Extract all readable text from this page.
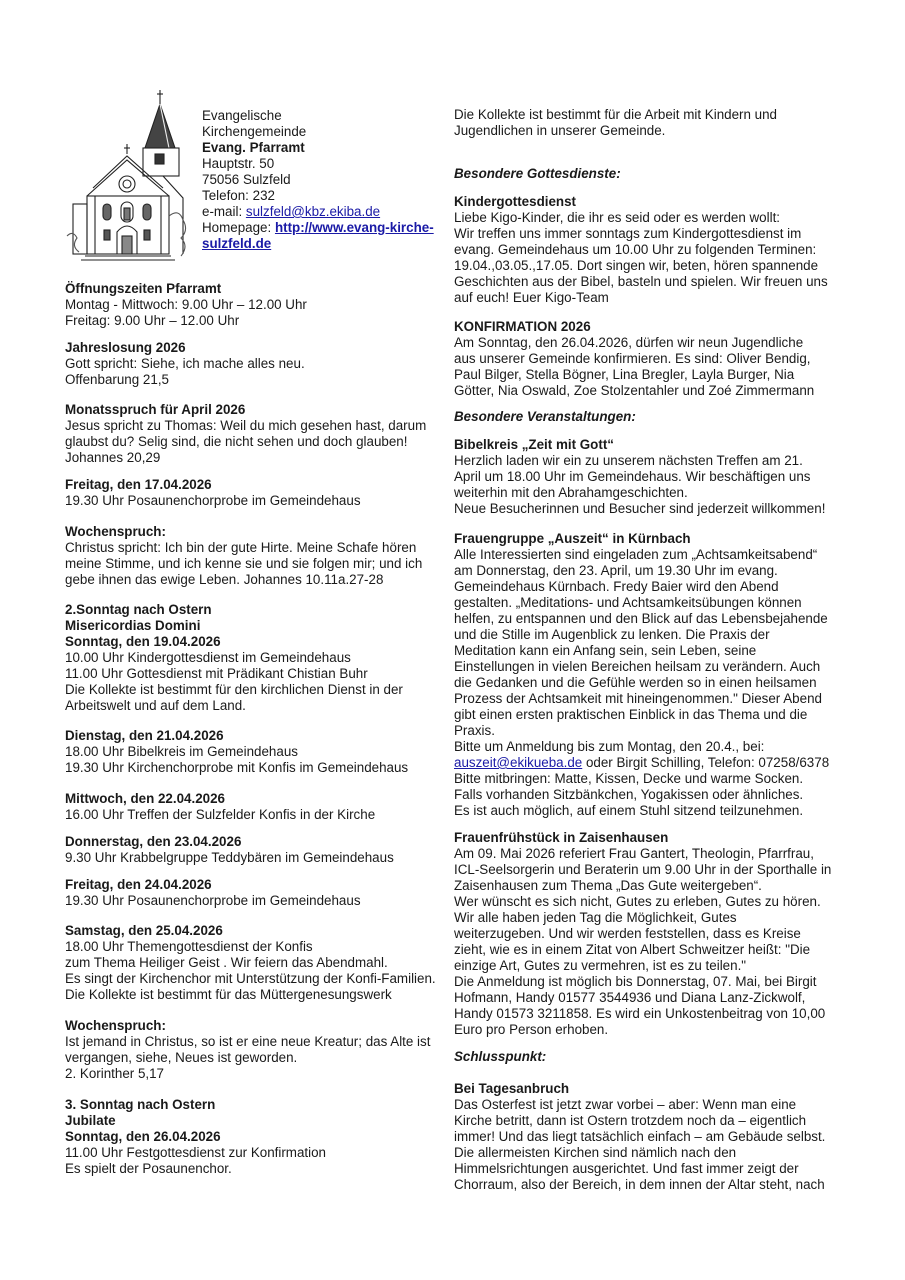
Evangelische

Kirchengemeinde

Evang. Pfarramt

Hauptstr. 50

75056 Sulzfeld

Telefon: 232

e-mail: sulzfeld@kbz.ekiba.de

Homepage: http://www.evang-kirche-

sulzfeld.de

Öffnungszeiten Pfarramt

Montag - Mittwoch: 9.00 Uhr – 12.00 Uhr

Freitag: 9.00 Uhr – 12.00 Uhr

Jahreslosung 2026

Gott spricht: Siehe, ich mache alles neu.

Offenbarung 21,5

Monatsspruch für April 2026

Jesus spricht zu Thomas: Weil du mich gesehen hast, darum

glaubst du? Selig sind, die nicht sehen und doch glauben!

Johannes 20,29

Freitag, den 17.04.2026

19.30 Uhr Posaunenchorprobe im Gemeindehaus

Wochenspruch:

Christus spricht: Ich bin der gute Hirte. Meine Schafe hören

meine Stimme, und ich kenne sie und sie folgen mir; und ich

gebe ihnen das ewige Leben. Johannes 10.11a.27-28

2.Sonntag nach Ostern

Misericordias Domini

Sonntag, den 19.04.2026

10.00 Uhr Kindergottesdienst im Gemeindehaus

11.00 Uhr Gottesdienst mit Prädikant Chistian Buhr

Die Kollekte ist bestimmt für den kirchlichen Dienst in der

Arbeitswelt und auf dem Land.

Dienstag, den 21.04.2026

18.00 Uhr Bibelkreis im Gemeindehaus

19.30 Uhr Kirchenchorprobe mit Konfis im Gemeindehaus

Mittwoch, den 22.04.2026

16.00 Uhr Treffen der Sulzfelder Konfis in der Kirche

Donnerstag, den 23.04.2026

9.30 Uhr Krabbelgruppe Teddybären im Gemeindehaus

Freitag, den 24.04.2026

19.30 Uhr Posaunenchorprobe im Gemeindehaus

Samstag, den 25.04.2026

18.00 Uhr Themengottesdienst der Konfis

zum Thema Heiliger Geist . Wir feiern das Abendmahl.

Es singt der Kirchenchor mit Unterstützung der Konfi-Familien.

Die Kollekte ist bestimmt für das Müttergenesungswerk

Wochenspruch:

Ist jemand in Christus, so ist er eine neue Kreatur; das Alte ist

vergangen, siehe, Neues ist geworden.

2. Korinther 5,17

3. Sonntag nach Ostern

Jubilate

Sonntag, den 26.04.2026

11.00 Uhr Festgottesdienst zur Konfirmation

Es spielt der Posaunenchor.

Die Kollekte ist bestimmt für die Arbeit mit Kindern und

Jugendlichen in unserer Gemeinde.

Besondere Gottesdienste:

Kindergottesdienst

Liebe Kigo-Kinder, die ihr es seid oder es werden wollt:

Wir treffen uns immer sonntags zum Kindergottesdienst im

evang. Gemeindehaus um 10.00 Uhr zu folgenden Terminen:

19.04.,03.05.,17.05. Dort singen wir, beten, hören spannende

Geschichten aus der Bibel, basteln und spielen. Wir freuen uns

auf euch! Euer Kigo-Team

KONFIRMATION 2026

Am Sonntag, den 26.04.2026, dürfen wir neun Jugendliche

aus unserer Gemeinde konfirmieren. Es sind: Oliver Bendig,

Paul Bilger, Stella Bögner, Lina Bregler, Layla Burger, Nia

Götter, Nia Oswald, Zoe Stolzentahler und Zoé Zimmermann

Besondere Veranstaltungen:

Bibelkreis „Zeit mit Gott“

Herzlich laden wir ein zu unserem nächsten Treffen am 21.

April um 18.00 Uhr im Gemeindehaus. Wir beschäftigen uns

weiterhin mit den Abrahamgeschichten.

Neue Besucherinnen und Besucher sind jederzeit willkommen!

Frauengruppe „Auszeit“ in Kürnbach

Alle Interessierten sind eingeladen zum „Achtsamkeitsabend“

am Donnerstag, den 23. April, um 19.30 Uhr im evang.

Gemeindehaus Kürnbach. Fredy Baier wird den Abend

gestalten. „Meditations- und Achtsamkeitsübungen können

helfen, zu entspannen und den Blick auf das Lebensbejahende

und die Stille im Augenblick zu lenken. Die Praxis der

Meditation kann ein Anfang sein, sein Leben, seine

Einstellungen in vielen Bereichen heilsam zu verändern. Auch

die Gedanken und die Gefühle werden so in einen heilsamen

Prozess der Achtsamkeit mit hineingenommen." Dieser Abend

gibt einen ersten praktischen Einblick in das Thema und die

Praxis.

Bitte um Anmeldung bis zum Montag, den 20.4., bei:

auszeit@ekikueba.de oder Birgit Schilling, Telefon: 07258/6378

Bitte mitbringen: Matte, Kissen, Decke und warme Socken.

Falls vorhanden Sitzbänkchen, Yogakissen oder ähnliches.

Es ist auch möglich, auf einem Stuhl sitzend teilzunehmen.

Frauenfrühstück in Zaisenhausen

Am 09. Mai 2026 referiert Frau Gantert, Theologin, Pfarrfrau,

ICL-Seelsorgerin und Beraterin um 9.00 Uhr in der Sporthalle in

Zaisenhausen zum Thema „Das Gute weitergeben“.

Wer wünscht es sich nicht, Gutes zu erleben, Gutes zu hören.

Wir alle haben jeden Tag die Möglichkeit, Gutes

weiterzugeben. Und wir werden feststellen, dass es Kreise

zieht, wie es in einem Zitat von Albert Schweitzer heißt: "Die

einzige Art, Gutes zu vermehren, ist es zu teilen."

Die Anmeldung ist möglich bis Donnerstag, 07. Mai, bei Birgit

Hofmann, Handy 01577 3544936 und Diana Lanz-Zickwolf,

Handy 01573 3211858. Es wird ein Unkostenbeitrag von 10,00

Euro pro Person erhoben.

Schlusspunkt:

Bei Tagesanbruch

Das Osterfest ist jetzt zwar vorbei – aber: Wenn man eine

Kirche betritt, dann ist Ostern trotzdem noch da – eigentlich

immer! Und das liegt tatsächlich einfach – am Gebäude selbst.

Die allermeisten Kirchen sind nämlich nach den

Himmelsrichtungen ausgerichtet. Und fast immer zeigt der

Chorraum, also der Bereich, in dem innen der Altar steht, nach
